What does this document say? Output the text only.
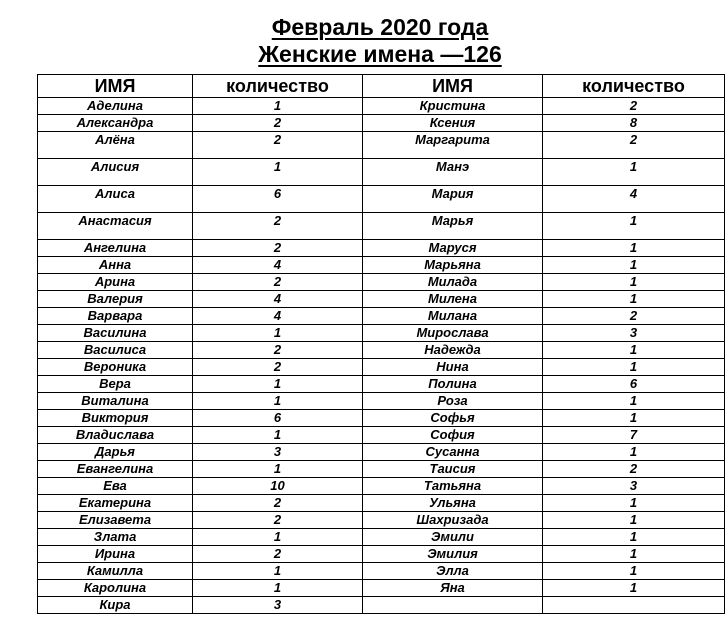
Февраль 2020 года
Женские имена —126
ИМЯ	количество	ИМЯ	количество
Аделина	1	Кристина	2
Александра	2	Ксения	8
Алёна	2	Маргарита	2
Алисия	1	Манэ	1
Алиса	6	Мария	4
Анастасия	2	Марья	1
Ангелина	2	Маруся	1
Анна	4	Марьяна	1
Арина	2	Милада	1
Валерия	4	Милена	1
Варвара	4	Милана	2
Василина	1	Мирослава	3
Василиса	2	Надежда	1
Вероника	2	Нина	1
Вера	1	Полина	6
Виталина	1	Роза	1
Виктория	6	Софья	1
Владислава	1	София	7
Дарья	3	Сусанна	1
Евангелина	1	Таисия	2
Ева	10	Татьяна	3
Екатерина	2	Ульяна	1
Елизавета	2	Шахризада	1
Злата	1	Эмили	1
Ирина	2	Эмилия	1
Камилла	1	Элла	1
Каролина	1	Яна	1
Кира	3		
